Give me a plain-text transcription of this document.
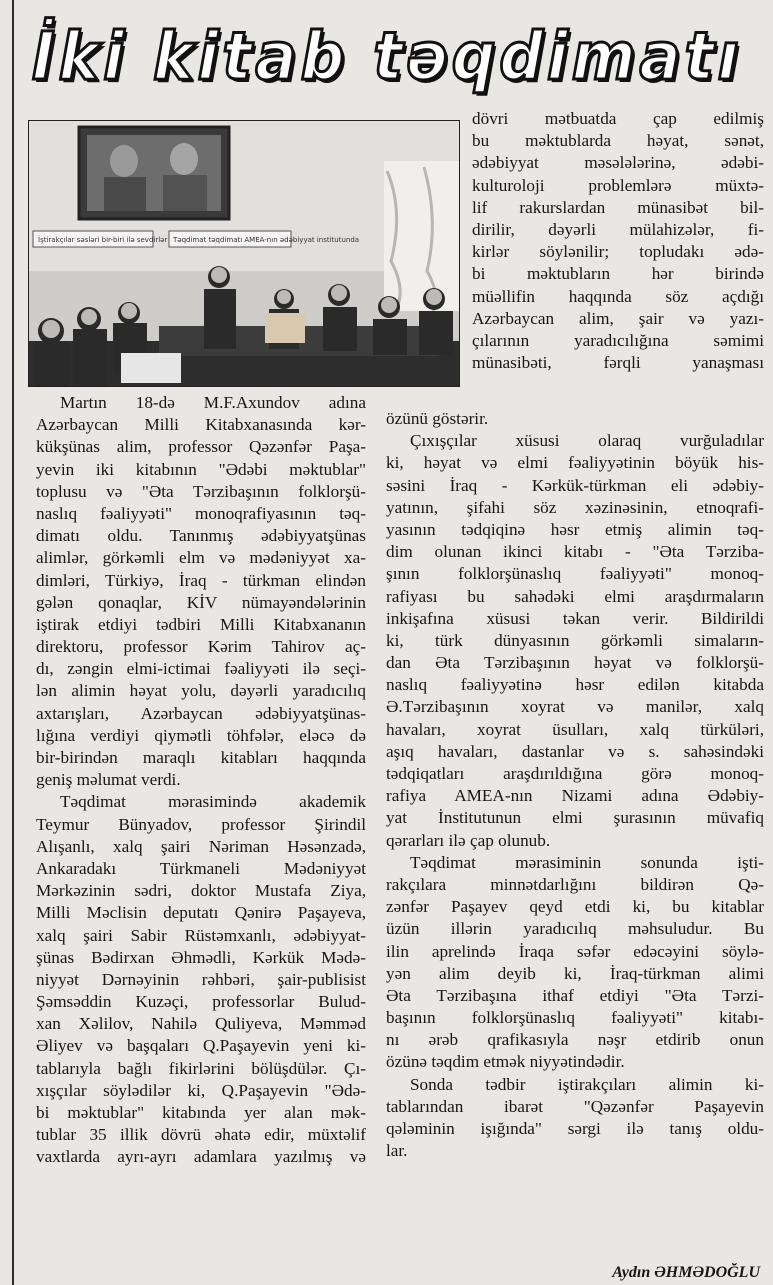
İki kitab təqdimatı
İştirakçılar səsləri bir-biri ilə sevdirlər Təqdimat təqdimatı AMEA-nın ədəbiyyat institutunda
dövri mətbuatda çap edilmiş
bu məktublarda həyat, sənət,
ədəbiyyat məsələlərinə, ədəbi-
kulturoloji problemlərə müxtə-
lif rakurslardan münasibət bil-
dirilir, dəyərli mülahizələr, fi-
kirlər söylənilir; topludakı ədə-
bi məktubların hər birində
müəllifin haqqında söz açdığı
Azərbaycan alim, şair və yazı-
çılarının yaradıcılığına səmimi
münasibəti, fərqli yanaşması
Martın 18-də M.F.Axundov adına
Azərbaycan Milli Kitabxanasında kər-
kükşünas alim, professor Qəzənfər Paşa-
yevin iki kitabının "Ədəbi məktublar"
toplusu və "Əta Tərzibaşının folklorşü-
naslıq fəaliyyəti" monoqrafiyasının təq-
dimatı oldu. Tanınmış ədəbiyyatşünas
alimlər, görkəmli elm və mədəniyyət xa-
dimləri, Türkiyə, İraq - türkman elindən
gələn qonaqlar, KİV nümayəndələrinin
iştirak etdiyi tədbiri Milli Kitabxananın
direktoru, professor Kərim Tahirov aç-
dı, zəngin elmi-ictimai fəaliyyəti ilə seçi-
lən alimin həyat yolu, dəyərli yaradıcılıq
axtarışları, Azərbaycan ədəbiyyatşünas-
lığına verdiyi qiymətli töhfələr, eləcə də
bir-birindən maraqlı kitabları haqqında
geniş məlumat verdi.
Təqdimat mərasimində akademik
Teymur Bünyadov, professor Şirindil
Alışanlı, xalq şairi Nəriman Həsənzadə,
Ankaradakı Türkmaneli Mədəniyyət
Mərkəzinin sədri, doktor Mustafa Ziya,
Milli Məclisin deputatı Qənirə Paşayeva,
xalq şairi Sabir Rüstəmxanlı, ədəbiyyat-
şünas Bədirxan Əhmədli, Kərkük Mədə-
niyyət Dərnəyinin rəhbəri, şair-publisist
Şəmsəddin Kuzəçi, professorlar Bulud-
xan Xəlilov, Nahilə Quliyeva, Məmməd
Əliyev və başqaları Q.Paşayevin yeni ki-
tablarıyla bağlı fikirlərini bölüşdülər. Çı-
xışçılar söylədilər ki, Q.Paşayevin "Ədə-
bi məktublar" kitabında yer alan mək-
tublar 35 illik dövrü əhatə edir, müxtəlif
vaxtlarda ayrı-ayrı adamlara yazılmış və
özünü göstərir.
Çıxışçılar xüsusi olaraq vurğuladılar
ki, həyat və elmi fəaliyyətinin böyük his-
səsini İraq - Kərkük-türkman eli ədəbiy-
yatının, şifahi söz xəzinəsinin, etnoqrafi-
yasının tədqiqinə həsr etmiş alimin təq-
dim olunan ikinci kitabı - "Əta Tərziba-
şının folklorşünaslıq fəaliyyəti" monoq-
rafiyası bu sahədəki elmi araşdırmaların
inkişafına xüsusi təkan verir. Bildirildi
ki, türk dünyasının görkəmli simaların-
dan Əta Tərzibaşının həyat və folklorşü-
naslıq fəaliyyətinə həsr edilən kitabda
Ə.Tərzibaşının xoyrat və manilər, xalq
havaları, xoyrat üsulları, xalq türküləri,
aşıq havaları, dastanlar və s. sahəsindəki
tədqiqatları araşdırıldığına görə monoq-
rafiya AMEA-nın Nizami adına Ədəbiy-
yat İnstitutunun elmi şurasının müvafiq
qərarları ilə çap olunub.
Təqdimat mərasiminin sonunda işti-
rakçılara minnətdarlığını bildirən Qə-
zənfər Paşayev qeyd etdi ki, bu kitablar
üzün illərin yaradıcılıq məhsuludur. Bu
ilin aprelində İraqa səfər edəcəyini söylə-
yən alim deyib ki, İraq-türkman alimi
Əta Tərzibaşına ithaf etdiyi "Əta Tərzi-
başının folklorşünaslıq fəaliyyəti" kitabı-
nı ərəb qrafikasıyla nəşr etdirib onun
özünə təqdim etmək niyyətindədir.
Sonda tədbir iştirakçıları alimin ki-
tablarından ibarət "Qəzənfər Paşayevin
qələminin işığında" sərgi ilə tanış oldu-
lar.
Aydın ƏHMƏDOĞLU
